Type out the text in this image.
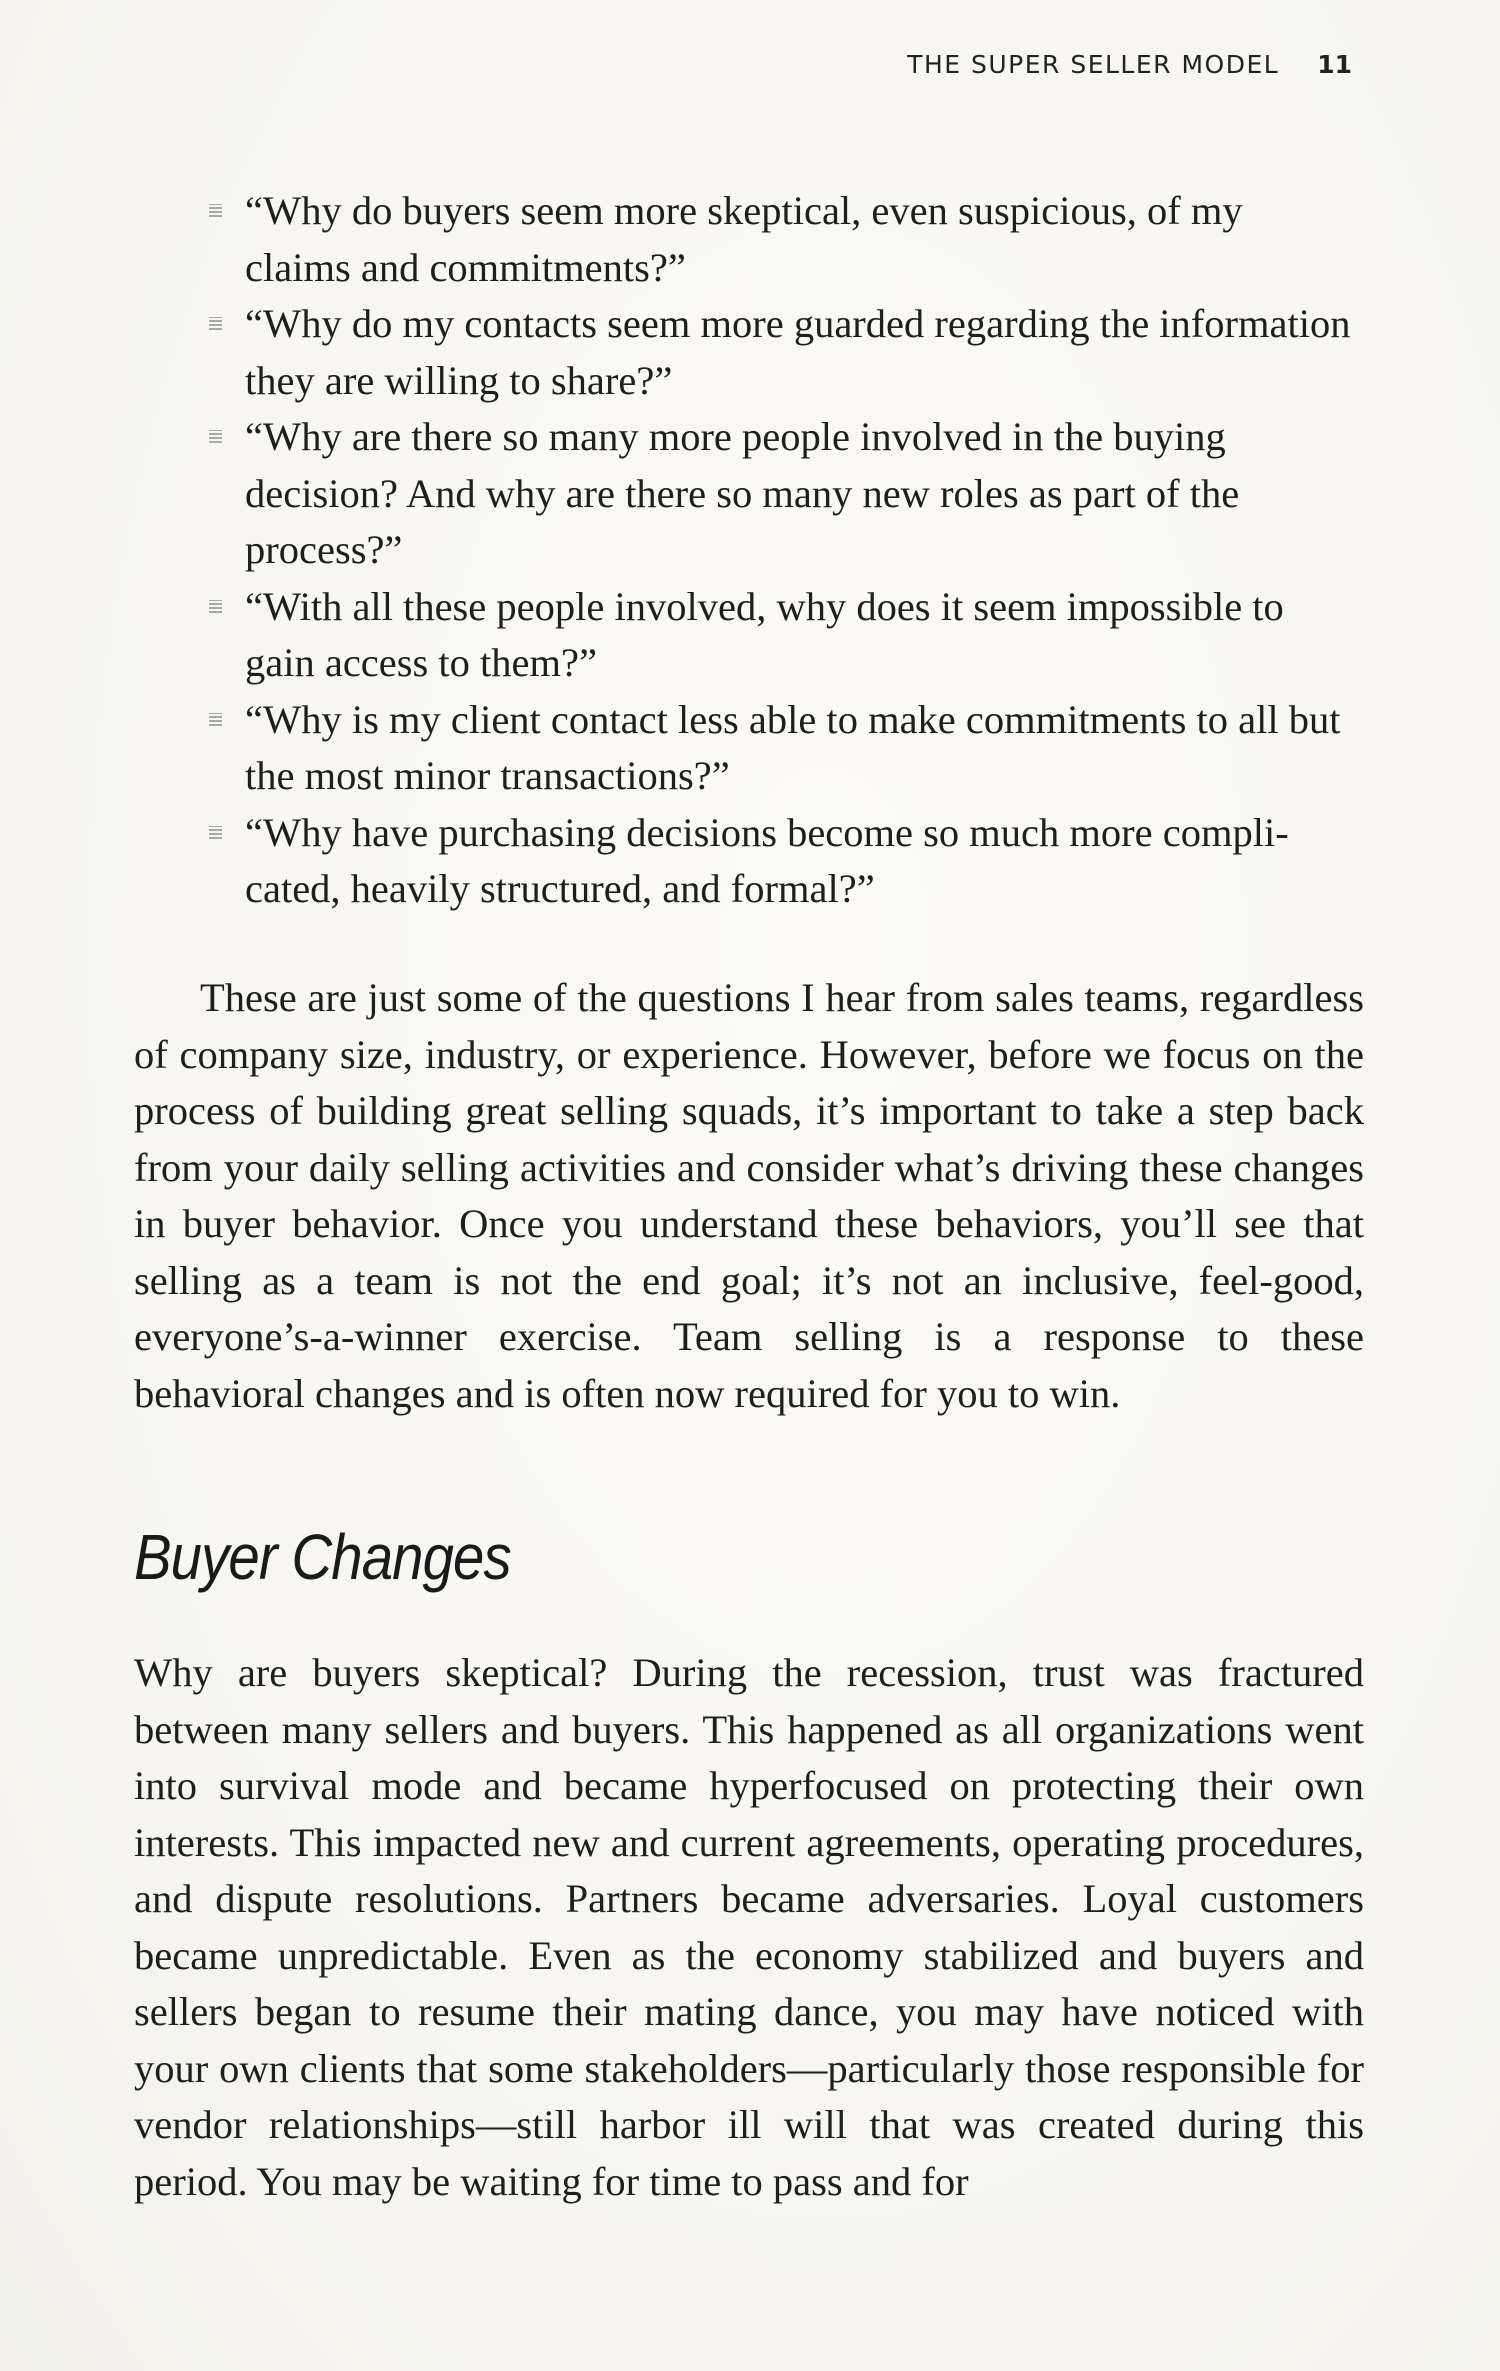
THE SUPER SELLER MODEL 11
“Why do buyers seem more skeptical, even suspicious, of my claims and commitments?”
“Why do my contacts seem more guarded regarding the information they are willing to share?”
“Why are there so many more people involved in the buying decision? And why are there so many new roles as part of the process?”
“With all these people involved, why does it seem impossible to gain access to them?”
“Why is my client contact less able to make commitments to all but the most minor transactions?”
“Why have purchasing decisions become so much more complicated, heavily structured, and formal?”

These are just some of the questions I hear from sales teams, regardless of company size, industry, or experience. However, before we focus on the process of building great selling squads, it’s important to take a step back from your daily selling activities and consider what’s driving these changes in buyer behavior. Once you understand these behaviors, you’ll see that selling as a team is not the end goal; it’s not an inclusive, feel-good, everyone’s-a-winner exercise. Team selling is a response to these behavioral changes and is often now required for you to win.

Buyer Changes

Why are buyers skeptical? During the recession, trust was fractured between many sellers and buyers. This happened as all organizations went into survival mode and became hyperfocused on protecting their own interests. This impacted new and current agreements, operating procedures, and dispute resolutions. Partners became adversaries. Loyal customers became unpredictable. Even as the economy stabilized and buyers and sellers began to resume their mating dance, you may have noticed with your own clients that some stakeholders—particularly those responsible for vendor relationships—still harbor ill will that was created during this period. You may be waiting for time to pass and for
